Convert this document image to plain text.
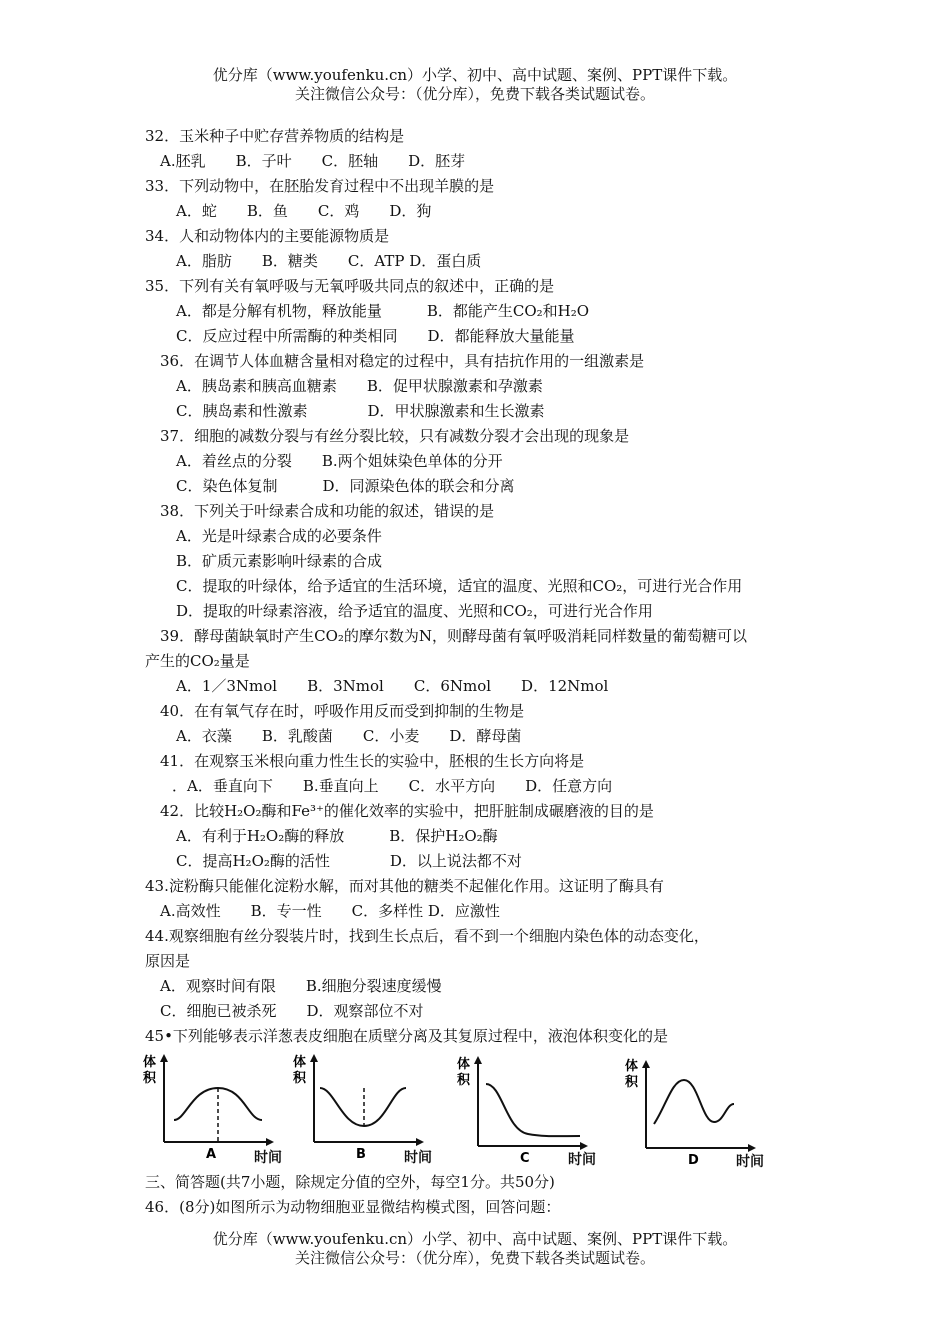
优分库（www.youfenku.cn）小学、初中、高中试题、案例、PPT课件下载。
关注微信公众号：（优分库），免费下载各类试题试卷。
32．玉米种子中贮存营养物质的结构是
A.胚乳　　B．子叶　　C．胚轴　　D．胚芽
33．下列动物中，在胚胎发育过程中不出现羊膜的是
A．蛇　　B．鱼　　C．鸡　　D．狗
34．人和动物体内的主要能源物质是
A．脂肪　　B．糖类　　C．ATP D．蛋白质
35．下列有关有氧呼吸与无氧呼吸共同点的叙述中，正确的是
A．都是分解有机物，释放能量　　　B．都能产生CO₂和H₂O
C．反应过程中所需酶的种类相同　　D．都能释放大量能量
36．在调节人体血糖含量相对稳定的过程中，具有拮抗作用的一组激素是
A．胰岛素和胰高血糖素　　B．促甲状腺激素和孕激素
C．胰岛素和性激素　　　　D．甲状腺激素和生长激素
37．细胞的减数分裂与有丝分裂比较，只有减数分裂才会出现的现象是
A．着丝点的分裂　　B.两个姐妹染色单体的分开
C．染色体复制　　　D．同源染色体的联会和分离
38．下列关于叶绿素合成和功能的叙述，错误的是
A．光是叶绿素合成的必要条件
B．矿质元素影响叶绿素的合成
C．提取的叶绿体，给予适宜的生活环境，适宜的温度、光照和CO₂，可进行光合作用
D．提取的叶绿素溶液，给予适宜的温度、光照和CO₂，可进行光合作用
39．酵母菌缺氧时产生CO₂的摩尔数为N，则酵母菌有氧呼吸消耗同样数量的葡萄糖可以
产生的CO₂量是
A．1／3Nmol　　B．3Nmol　　C．6Nmol　　D．12Nmol
40．在有氧气存在时，呼吸作用反而受到抑制的生物是
A．衣藻　　B．乳酸菌　　C．小麦　　D．酵母菌
41．在观察玉米根向重力性生长的实验中，胚根的生长方向将是
．A．垂直向下　　B.垂直向上　　C．水平方向　　D．任意方向
42．比较H₂O₂酶和Fe³⁺的催化效率的实验中，把肝脏制成碾磨液的目的是
A．有利于H₂O₂酶的释放　　　B．保护H₂O₂酶
C．提高H₂O₂酶的活性　　　　D．以上说法都不对
43.淀粉酶只能催化淀粉水解，而对其他的糖类不起催化作用。这证明了酶具有
A.高效性　　B．专一性　　C．多样性 D．应激性
44.观察细胞有丝分裂装片时，找到生长点后，看不到一个细胞内染色体的动态变化，
原因是
A．观察时间有限　　B.细胞分裂速度缓慢
C．细胞已被杀死　　D．观察部位不对
45•下列能够表示洋葱表皮细胞在质壁分离及其复原过程中，液泡体积变化的是
体
积
A	时间
体
积
B	时间
体
积
C	时间
体
积
D	时间
三、简答题(共7小题，除规定分值的空外，每空1分。共50分)
46．(8分)如图所示为动物细胞亚显微结构模式图，回答问题：
优分库（www.youfenku.cn）小学、初中、高中试题、案例、PPT课件下载。
关注微信公众号：（优分库），免费下载各类试题试卷。
